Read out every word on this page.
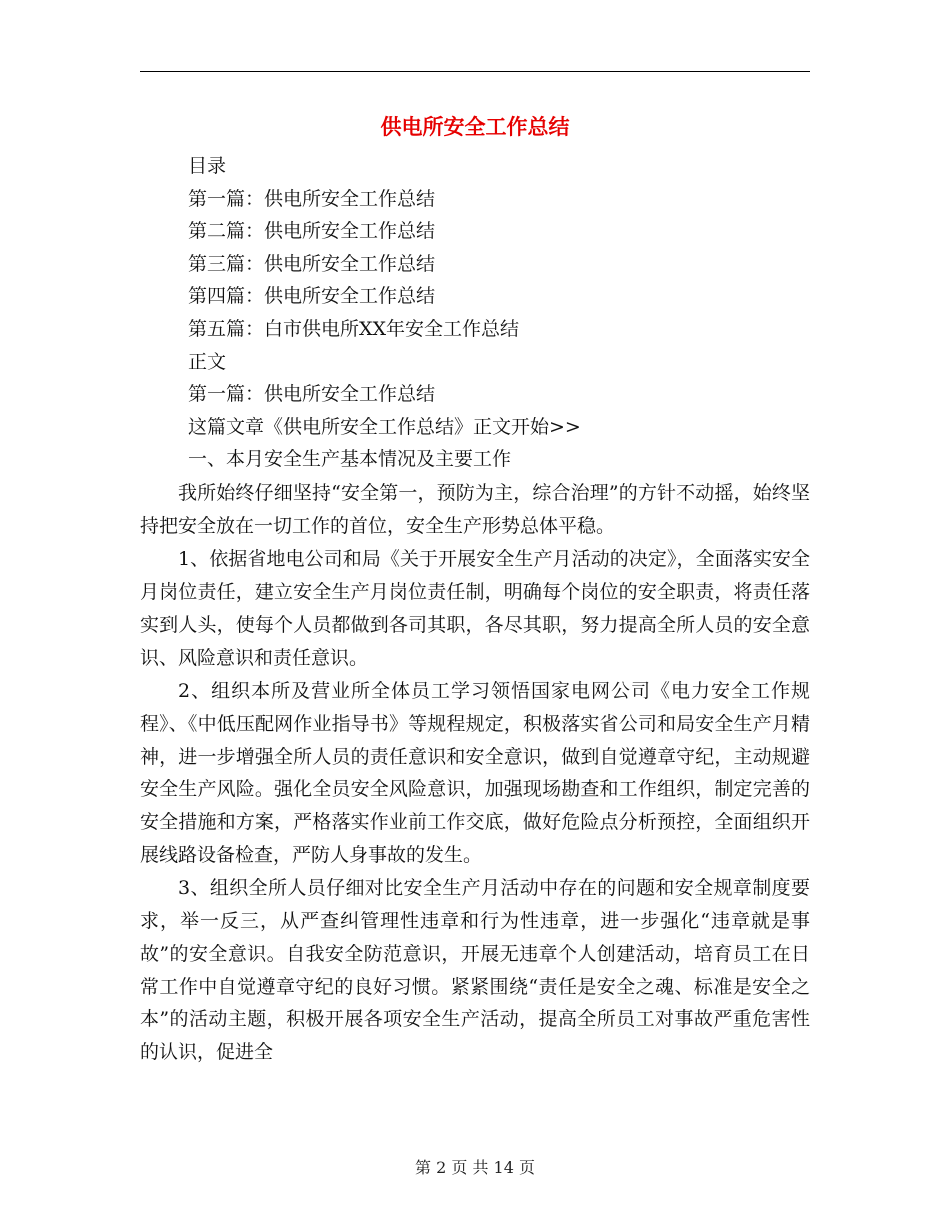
供电所安全工作总结
目录
第一篇：供电所安全工作总结
第二篇：供电所安全工作总结
第三篇：供电所安全工作总结
第四篇：供电所安全工作总结
第五篇：白市供电所XX年安全工作总结
正文
第一篇：供电所安全工作总结
这篇文章《供电所安全工作总结》正文开始>>
一、本月安全生产基本情况及主要工作

我所始终仔细坚持“安全第一，预防为主，综合治理”的方针不动摇，始终坚持把安全放在一切工作的首位，安全生产形势总体平稳。

1、依据省地电公司和局《关于开展安全生产月活动的决定》，全面落实安全月岗位责任，建立安全生产月岗位责任制，明确每个岗位的安全职责，将责任落实到人头，使每个人员都做到各司其职，各尽其职，努力提高全所人员的安全意识、风险意识和责任意识。

2、组织本所及营业所全体员工学习领悟国家电网公司《电力安全工作规程》、《中低压配网作业指导书》等规程规定，积极落实省公司和局安全生产月精神，进一步增强全所人员的责任意识和安全意识，做到自觉遵章守纪，主动规避安全生产风险。强化全员安全风险意识，加强现场勘查和工作组织，制定完善的安全措施和方案，严格落实作业前工作交底，做好危险点分析预控，全面组织开展线路设备检查，严防人身事故的发生。

3、组织全所人员仔细对比安全生产月活动中存在的问题和安全规章制度要求，举一反三，从严查纠管理性违章和行为性违章，进一步强化“违章就是事故”的安全意识。自我安全防范意识，开展无违章个人创建活动，培育员工在日常工作中自觉遵章守纪的良好习惯。紧紧围绕“责任是安全之魂、标准是安全之本”的活动主题，积极开展各项安全生产活动，提高全所员工对事故严重危害性的认识，促进全

第 2 页 共 14 页
